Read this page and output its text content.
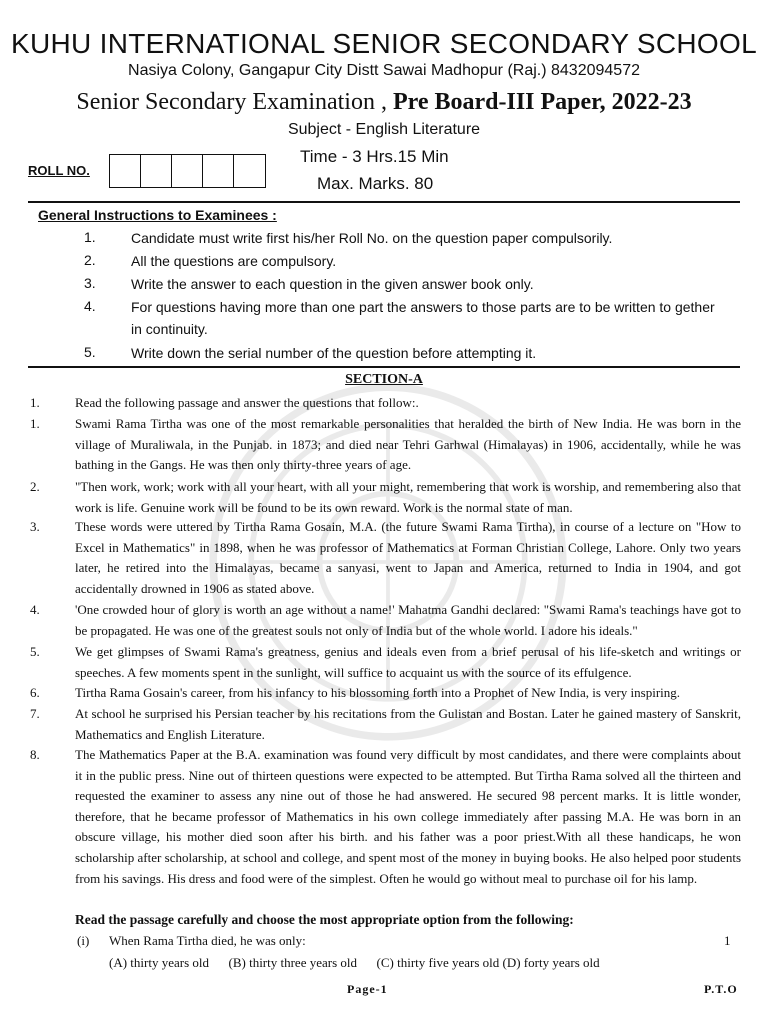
KUHU INTERNATIONAL SENIOR SECONDARY SCHOOL
Nasiya Colony, Gangapur City Distt Sawai Madhopur (Raj.) 8432094572
Senior Secondary Examination , Pre Board-III Paper, 2022-23
Subject - English Literature
ROLL NO.
Time - 3 Hrs.15 Min
Max. Marks. 80
General Instructions to Examinees :
1.	Candidate must write first his/her Roll No. on the question paper compulsorily.
2.	All the questions are compulsory.
3.	Write the answer to each question in the given answer book only.
4.	For questions having more than one part the answers to those parts are to be written to gether in continuity.
5.	Write down the serial number of the question before attempting it.
SECTION-A
1.	Read the following passage and answer the questions that follow:.
1.	Swami Rama Tirtha was one of the most remarkable personalities that heralded the birth of New India. He was born in the village of Muraliwala, in the Punjab. in 1873; and died near Tehri Garhwal (Himalayas) in 1906, accidentally, while he was bathing in the Gangs. He was then only thirty-three years of age.
2.	"Then work, work; work with all your heart, with all your might, remembering that work is worship, and remembering also that work is life. Genuine work will be found to be its own reward. Work is the normal state of man.
3.	These words were uttered by Tirtha Rama Gosain, M.A. (the future Swami Rama Tirtha), in course of a lecture on "How to Excel in Mathematics" in 1898, when he was professor of Mathematics at Forman Christian College, Lahore. Only two years later, he retired into the Himalayas, became a sanyasi, went to Japan and America, returned to India in 1904, and got accidentally drowned in 1906 as stated above.
4.	'One crowded hour of glory is worth an age without a name!' Mahatma Gandhi declared: "Swami Rama's teachings have got to be propagated. He was one of the greatest souls not only of India but of the whole world. I adore his ideals."
5.	We get glimpses of Swami Rama's greatness, genius and ideals even from a brief perusal of his life-sketch and writings or speeches. A few moments spent in the sunlight, will suffice to acquaint us with the source of its effulgence.
6.	Tirtha Rama Gosain's career, from his infancy to his blossoming forth into a Prophet of New India, is very inspiring.
7.	At school he surprised his Persian teacher by his recitations from the Gulistan and Bostan. Later he gained mastery of Sanskrit, Mathematics and English Literature.
8.	The Mathematics Paper at the B.A. examination was found very difficult by most candidates, and there were complaints about it in the public press. Nine out of thirteen questions were expected to be attempted. But Tirtha Rama solved all the thirteen and requested the examiner to assess any nine out of those he had answered. He secured 98 percent marks. It is little wonder, therefore, that he became professor of Mathematics in his own college immediately after passing M.A. He was born in an obscure village, his mother died soon after his birth. and his father was a poor priest.With all these handicaps, he won scholarship after scholarship, at school and college, and spent most of the money in buying books. He also helped poor students from his savings. His dress and food were of the simplest. Often he would go without meal to purchase oil for his lamp.
Read the passage carefully and choose the most appropriate option from the following:
(i) When Rama Tirtha died, he was only:	1
(A) thirty years old      (B) thirty three years old      (C) thirty five years old (D) forty years old
Page-1	P.T.O
